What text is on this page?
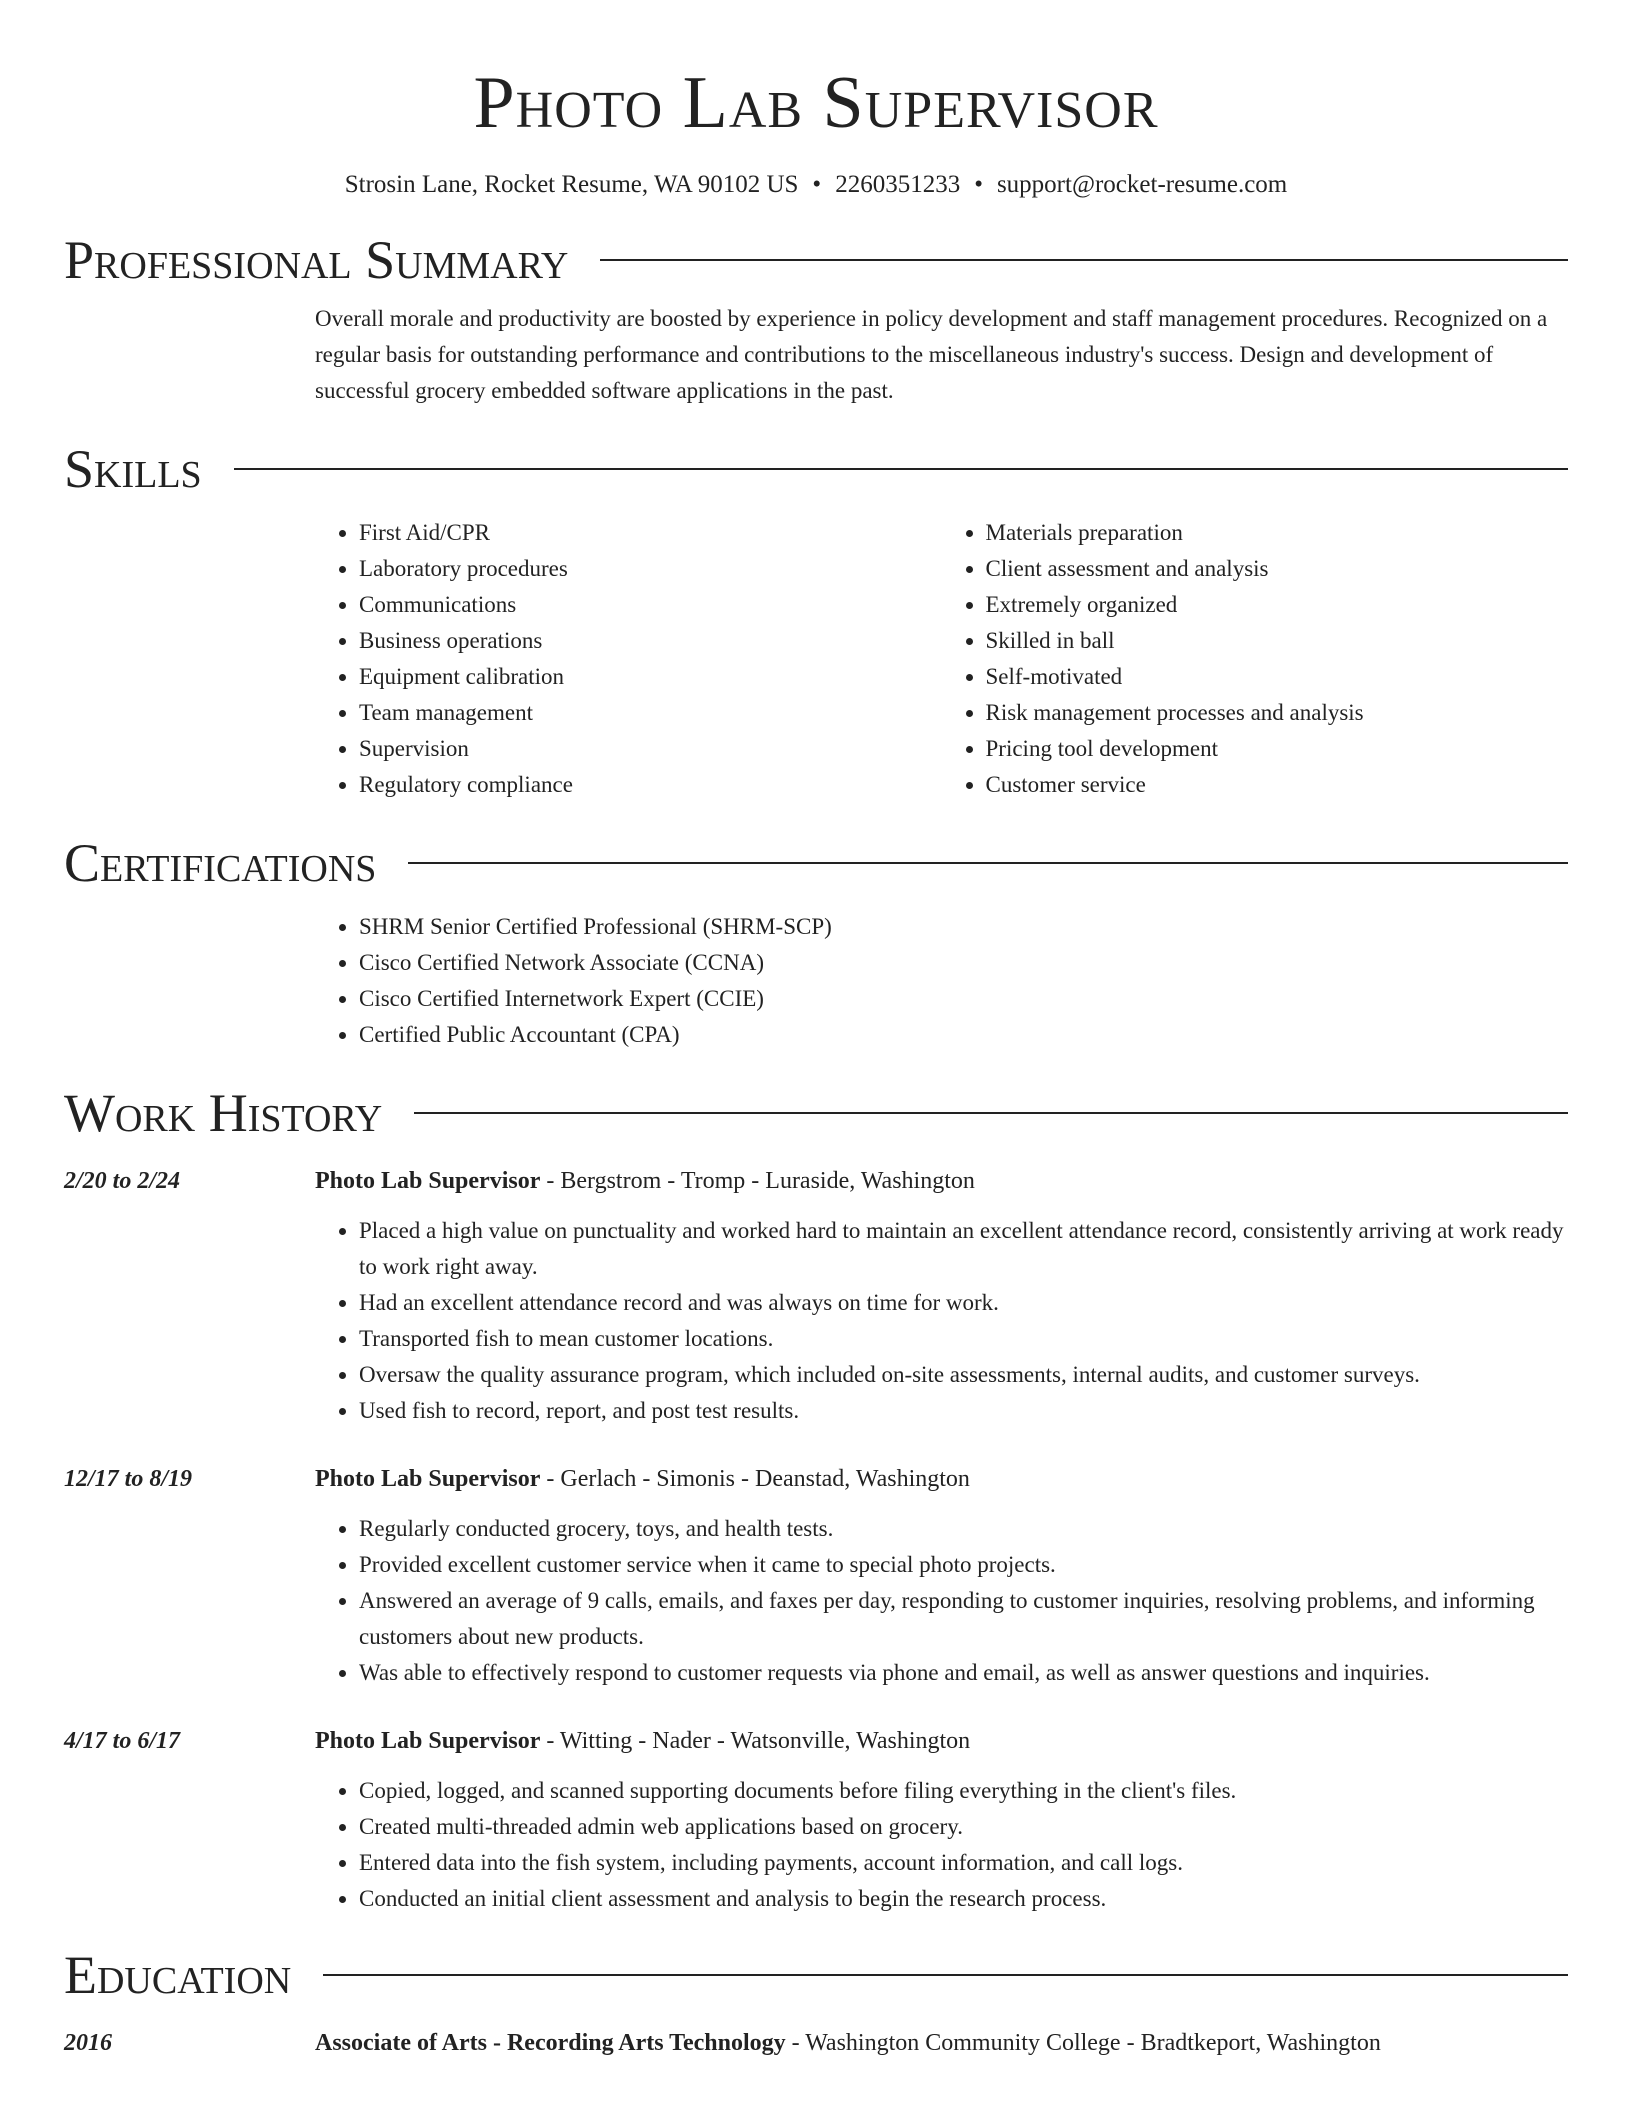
Photo Lab Supervisor
Strosin Lane, Rocket Resume, WA 90102 US • 2260351233 • support@rocket-resume.com
Professional Summary
Overall morale and productivity are boosted by experience in policy development and staff management procedures. Recognized on a regular basis for outstanding performance and contributions to the miscellaneous industry's success. Design and development of successful grocery embedded software applications in the past.
Skills
• First Aid/CPR
• Laboratory procedures
• Communications
• Business operations
• Equipment calibration
• Team management
• Supervision
• Regulatory compliance
• Materials preparation
• Client assessment and analysis
• Extremely organized
• Skilled in ball
• Self-motivated
• Risk management processes and analysis
• Pricing tool development
• Customer service
Certifications
• SHRM Senior Certified Professional (SHRM-SCP)
• Cisco Certified Network Associate (CCNA)
• Cisco Certified Internetwork Expert (CCIE)
• Certified Public Accountant (CPA)
Work History
2/20 to 2/24	Photo Lab Supervisor - Bergstrom - Tromp - Luraside, Washington
• Placed a high value on punctuality and worked hard to maintain an excellent attendance record, consistently arriving at work ready to work right away.
• Had an excellent attendance record and was always on time for work.
• Transported fish to mean customer locations.
• Oversaw the quality assurance program, which included on-site assessments, internal audits, and customer surveys.
• Used fish to record, report, and post test results.
12/17 to 8/19	Photo Lab Supervisor - Gerlach - Simonis - Deanstad, Washington
• Regularly conducted grocery, toys, and health tests.
• Provided excellent customer service when it came to special photo projects.
• Answered an average of 9 calls, emails, and faxes per day, responding to customer inquiries, resolving problems, and informing customers about new products.
• Was able to effectively respond to customer requests via phone and email, as well as answer questions and inquiries.
4/17 to 6/17	Photo Lab Supervisor - Witting - Nader - Watsonville, Washington
• Copied, logged, and scanned supporting documents before filing everything in the client's files.
• Created multi-threaded admin web applications based on grocery.
• Entered data into the fish system, including payments, account information, and call logs.
• Conducted an initial client assessment and analysis to begin the research process.
Education
2016	Associate of Arts - Recording Arts Technology - Washington Community College - Bradtkeport, Washington
